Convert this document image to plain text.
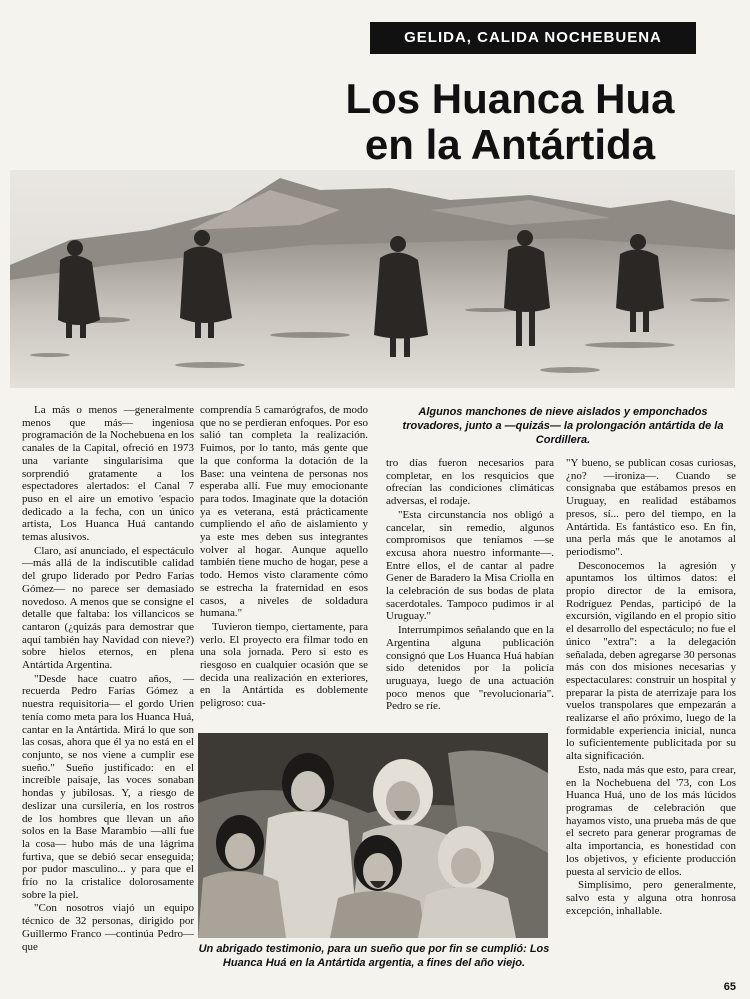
GELIDA, CALIDA NOCHEBUENA
Los Huanca Hua
en la Antártida
Algunos manchones de nieve aislados y emponchados trovadores, junto a —quizás— la prolongación antártida de la Cordillera.

La más o menos —generalmente menos que más— ingeniosa programación de la Nochebuena en los canales de la Capital, ofreció en 1973 una variante singularísima que sorprendió gratamente a los espectadores alertados: el Canal 7 puso en el aire un emotivo 'espacio dedicado a la fecha, con un único artista, Los Huanca Huá cantando temas alusivos.

Claro, así anunciado, el espectáculo —más allá de la indiscutible calidad del grupo liderado por Pedro Farías Gómez— no parece ser demasiado novedoso. A menos que se consigne el detalle que faltaba: los villancicos se cantaron (¿quizás para demostrar que aquí también hay Navidad con nieve?) sobre hielos eternos, en plena Antártida Argentina.

"Desde hace cuatro años, —recuerda Pedro Farías Gómez a nuestra requisitoria— el gordo Urien tenía como meta para los Huanca Huá, cantar en la Antártida. Mirá lo que son las cosas, ahora que él ya no está en el conjunto, se nos viene a cumplir ese sueño." Sueño justificado: en el increíble paisaje, las voces sonaban hondas y jubilosas. Y, a riesgo de deslizar una cursilería, en los rostros de los hombres que llevan un año solos en la Base Marambio —allí fue la cosa— hubo más de una lágrima furtiva, que se debió secar enseguida; por pudor masculino... y para que el frío no la cristalice dolorosamente sobre la piel.

"Con nosotros viajó un equipo técnico de 32 personas, dirigido por Guillermo Franco —continúa Pedro— que

comprendía 5 camarógrafos, de modo que no se perdieran enfoques. Por eso salió tan completa la realización. Fuimos, por lo tanto, más gente que la que conforma la dotación de la Base: una veintena de personas nos esperaba allí. Fue muy emocionante para todos. Imaginate que la dotación ya es veterana, está prácticamente cumpliendo el año de aislamiento y ya este mes deben sus integrantes volver al hogar. Aunque aquello también tiene mucho de hogar, pese a todo. Hemos visto claramente cómo se estrecha la fraternidad en esos casos, a niveles de soldadura humana."

Tuvieron tiempo, ciertamente, para verlo. El proyecto era filmar todo en una sola jornada. Pero si esto es riesgoso en cualquier ocasión que se decida una realización en exteriores, en la Antártida es doblemente peligroso: cua-

tro días fueron necesarios para completar, en los resquicios que ofrecían las condiciones climáticas adversas, el rodaje.

"Esta circunstancia nos obligó a cancelar, sin remedio, algunos compromisos que teníamos —se excusa ahora nuestro informante—. Entre ellos, el de cantar al padre Gener de Baradero la Misa Criolla en la celebración de sus bodas de plata sacerdotales. Tampoco pudimos ir al Uruguay."

Interrumpimos señalando que en la Argentina alguna publicación consignó que Los Huanca Huá habían sido detenidos por la policía uruguaya, luego de una actuación poco menos que "revolucionaria". Pedro se ríe.

"Y bueno, se publican cosas curiosas, ¿no? —ironiza—. Cuando se consignaba que estábamos presos en Uruguay, en realidad estábamos presos, sí... pero del tiempo, en la Antártida. Es fantástico eso. En fin, una perla más que le anotamos al periodismo".

Desconocemos la agresión y apuntamos los últimos datos: el propio director de la emisora, Rodríguez Pendas, participó de la excursión, vigilando en el propio sitio el desarrollo del espectáculo; no fue el único "extra": a la delegación señalada, deben agregarse 30 personas más con dos misiones necesarias y espectaculares: construir un hospital y preparar la pista de aterrizaje para los vuelos transpolares que empezarán a realizarse el año próximo, luego de la formidable experiencia inicial, nunca lo suficientemente publicitada por su alta significación.

Esto, nada más que esto, para crear, en la Nochebuena del '73, con Los Huanca Huá, uno de los más lúcidos programas de celebración que hayamos visto, una prueba más de que el secreto para generar programas de alta importancia, es honestidad con los objetivos, y eficiente producción puesta al servicio de ellos.

Simplísimo, pero generalmente, salvo esta y alguna otra honrosa excepción, inhallable.

Un abrigado testimonio, para un sueño que por fin se cumplió: Los Huanca Huá en la Antártida argentia, a fines del año viejo.
65
